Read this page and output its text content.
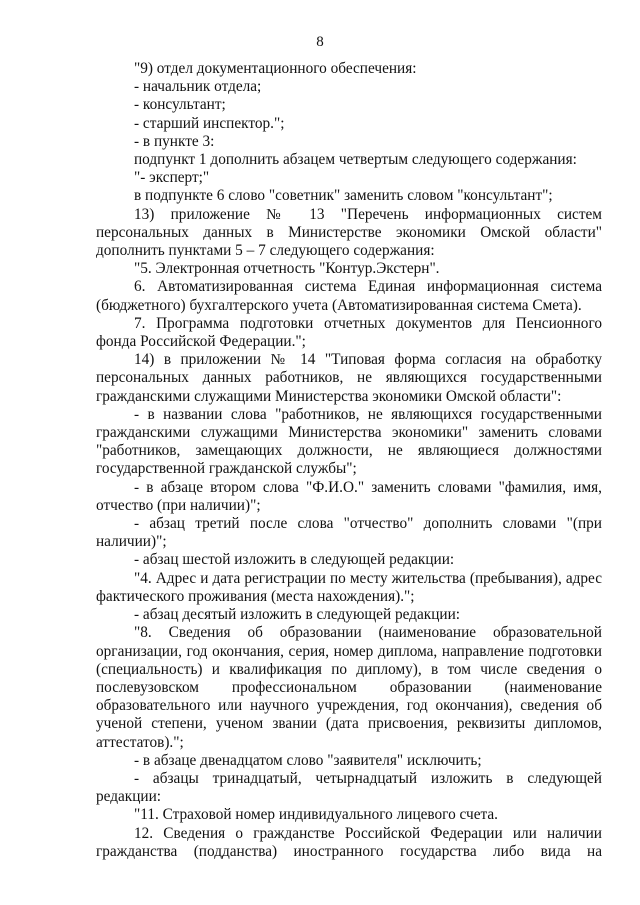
8

"9) отдел документационного обеспечения:

- начальник отдела;

- консультант;

- старший инспектор.";

- в пункте 3:

подпункт 1 дополнить абзацем четвертым следующего содержания:

"- эксперт;"

в подпункте 6 слово "советник" заменить словом "консультант";

13) приложение № 13 "Перечень информационных систем персональных данных в Министерстве экономики Омской области" дополнить пунктами 5 – 7 следующего содержания:

"5. Электронная отчетность "Контур.Экстерн".

6. Автоматизированная система Единая информационная система (бюджетного) бухгалтерского учета (Автоматизированная система Смета).

7. Программа подготовки отчетных документов для Пенсионного фонда Российской Федерации.";

14) в приложении № 14 "Типовая форма согласия на обработку персональных данных работников, не являющихся государственными гражданскими служащими Министерства экономики Омской области":

- в названии слова "работников, не являющихся государственными гражданскими служащими Министерства экономики" заменить словами "работников, замещающих должности, не являющиеся должностями государственной гражданской службы";

- в абзаце втором слова "Ф.И.О." заменить словами "фамилия, имя, отчество (при наличии)";

- абзац третий после слова "отчество" дополнить словами "(при наличии)";

- абзац шестой изложить в следующей редакции:

"4. Адрес и дата регистрации по месту жительства (пребывания), адрес фактического проживания (места нахождения).";

- абзац десятый изложить в следующей редакции:

"8. Сведения об образовании (наименование образовательной организации, год окончания, серия, номер диплома, направление подготовки (специальность) и квалификация по диплому), в том числе сведения о послевузовском профессиональном образовании (наименование образовательного или научного учреждения, год окончания), сведения об ученой степени, ученом звании (дата присвоения, реквизиты дипломов, аттестатов).";

- в абзаце двенадцатом слово "заявителя" исключить;

- абзацы тринадцатый, четырнадцатый изложить в следующей редакции:

"11. Страховой номер индивидуального лицевого счета.

12. Сведения о гражданстве Российской Федерации или наличии гражданства (подданства) иностранного государства либо вида на
